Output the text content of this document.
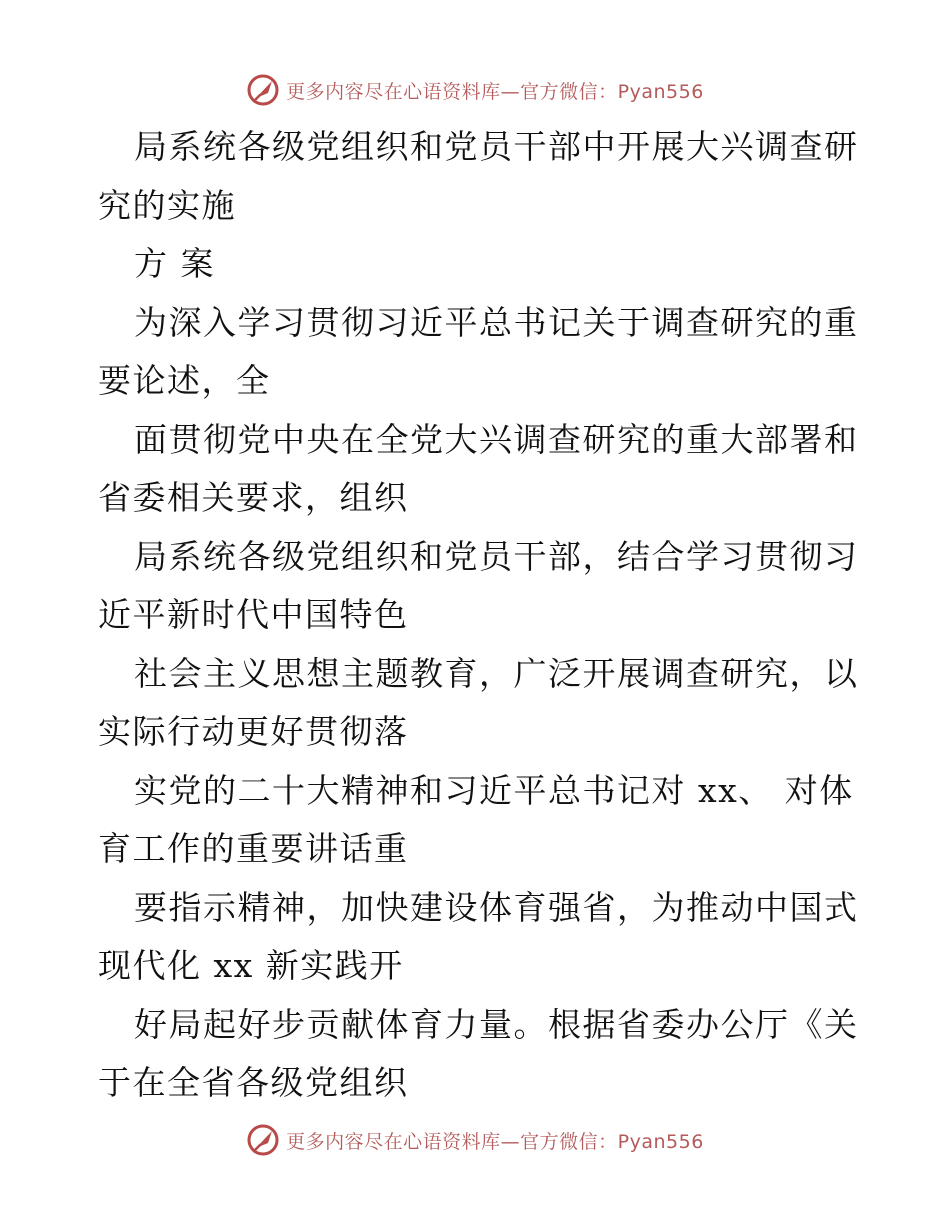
更多内容尽在心语资料库—官方微信：Pyan556
局系统各级党组织和党员干部中开展大兴调查研
究的实施
方 案
为深入学习贯彻习近平总书记关于调查研究的重
要论述，全
面贯彻党中央在全党大兴调查研究的重大部署和
省委相关要求，组织
局系统各级党组织和党员干部，结合学习贯彻习
近平新时代中国特色
社会主义思想主题教育，广泛开展调查研究，以
实际行动更好贯彻落
实党的二十大精神和习近平总书记对 xx、 对体
育工作的重要讲话重
要指示精神，加快建设体育强省，为推动中国式
现代化 xx 新实践开
好局起好步贡献体育力量。根据省委办公厅《关
于在全省各级党组织
更多内容尽在心语资料库—官方微信：Pyan556
